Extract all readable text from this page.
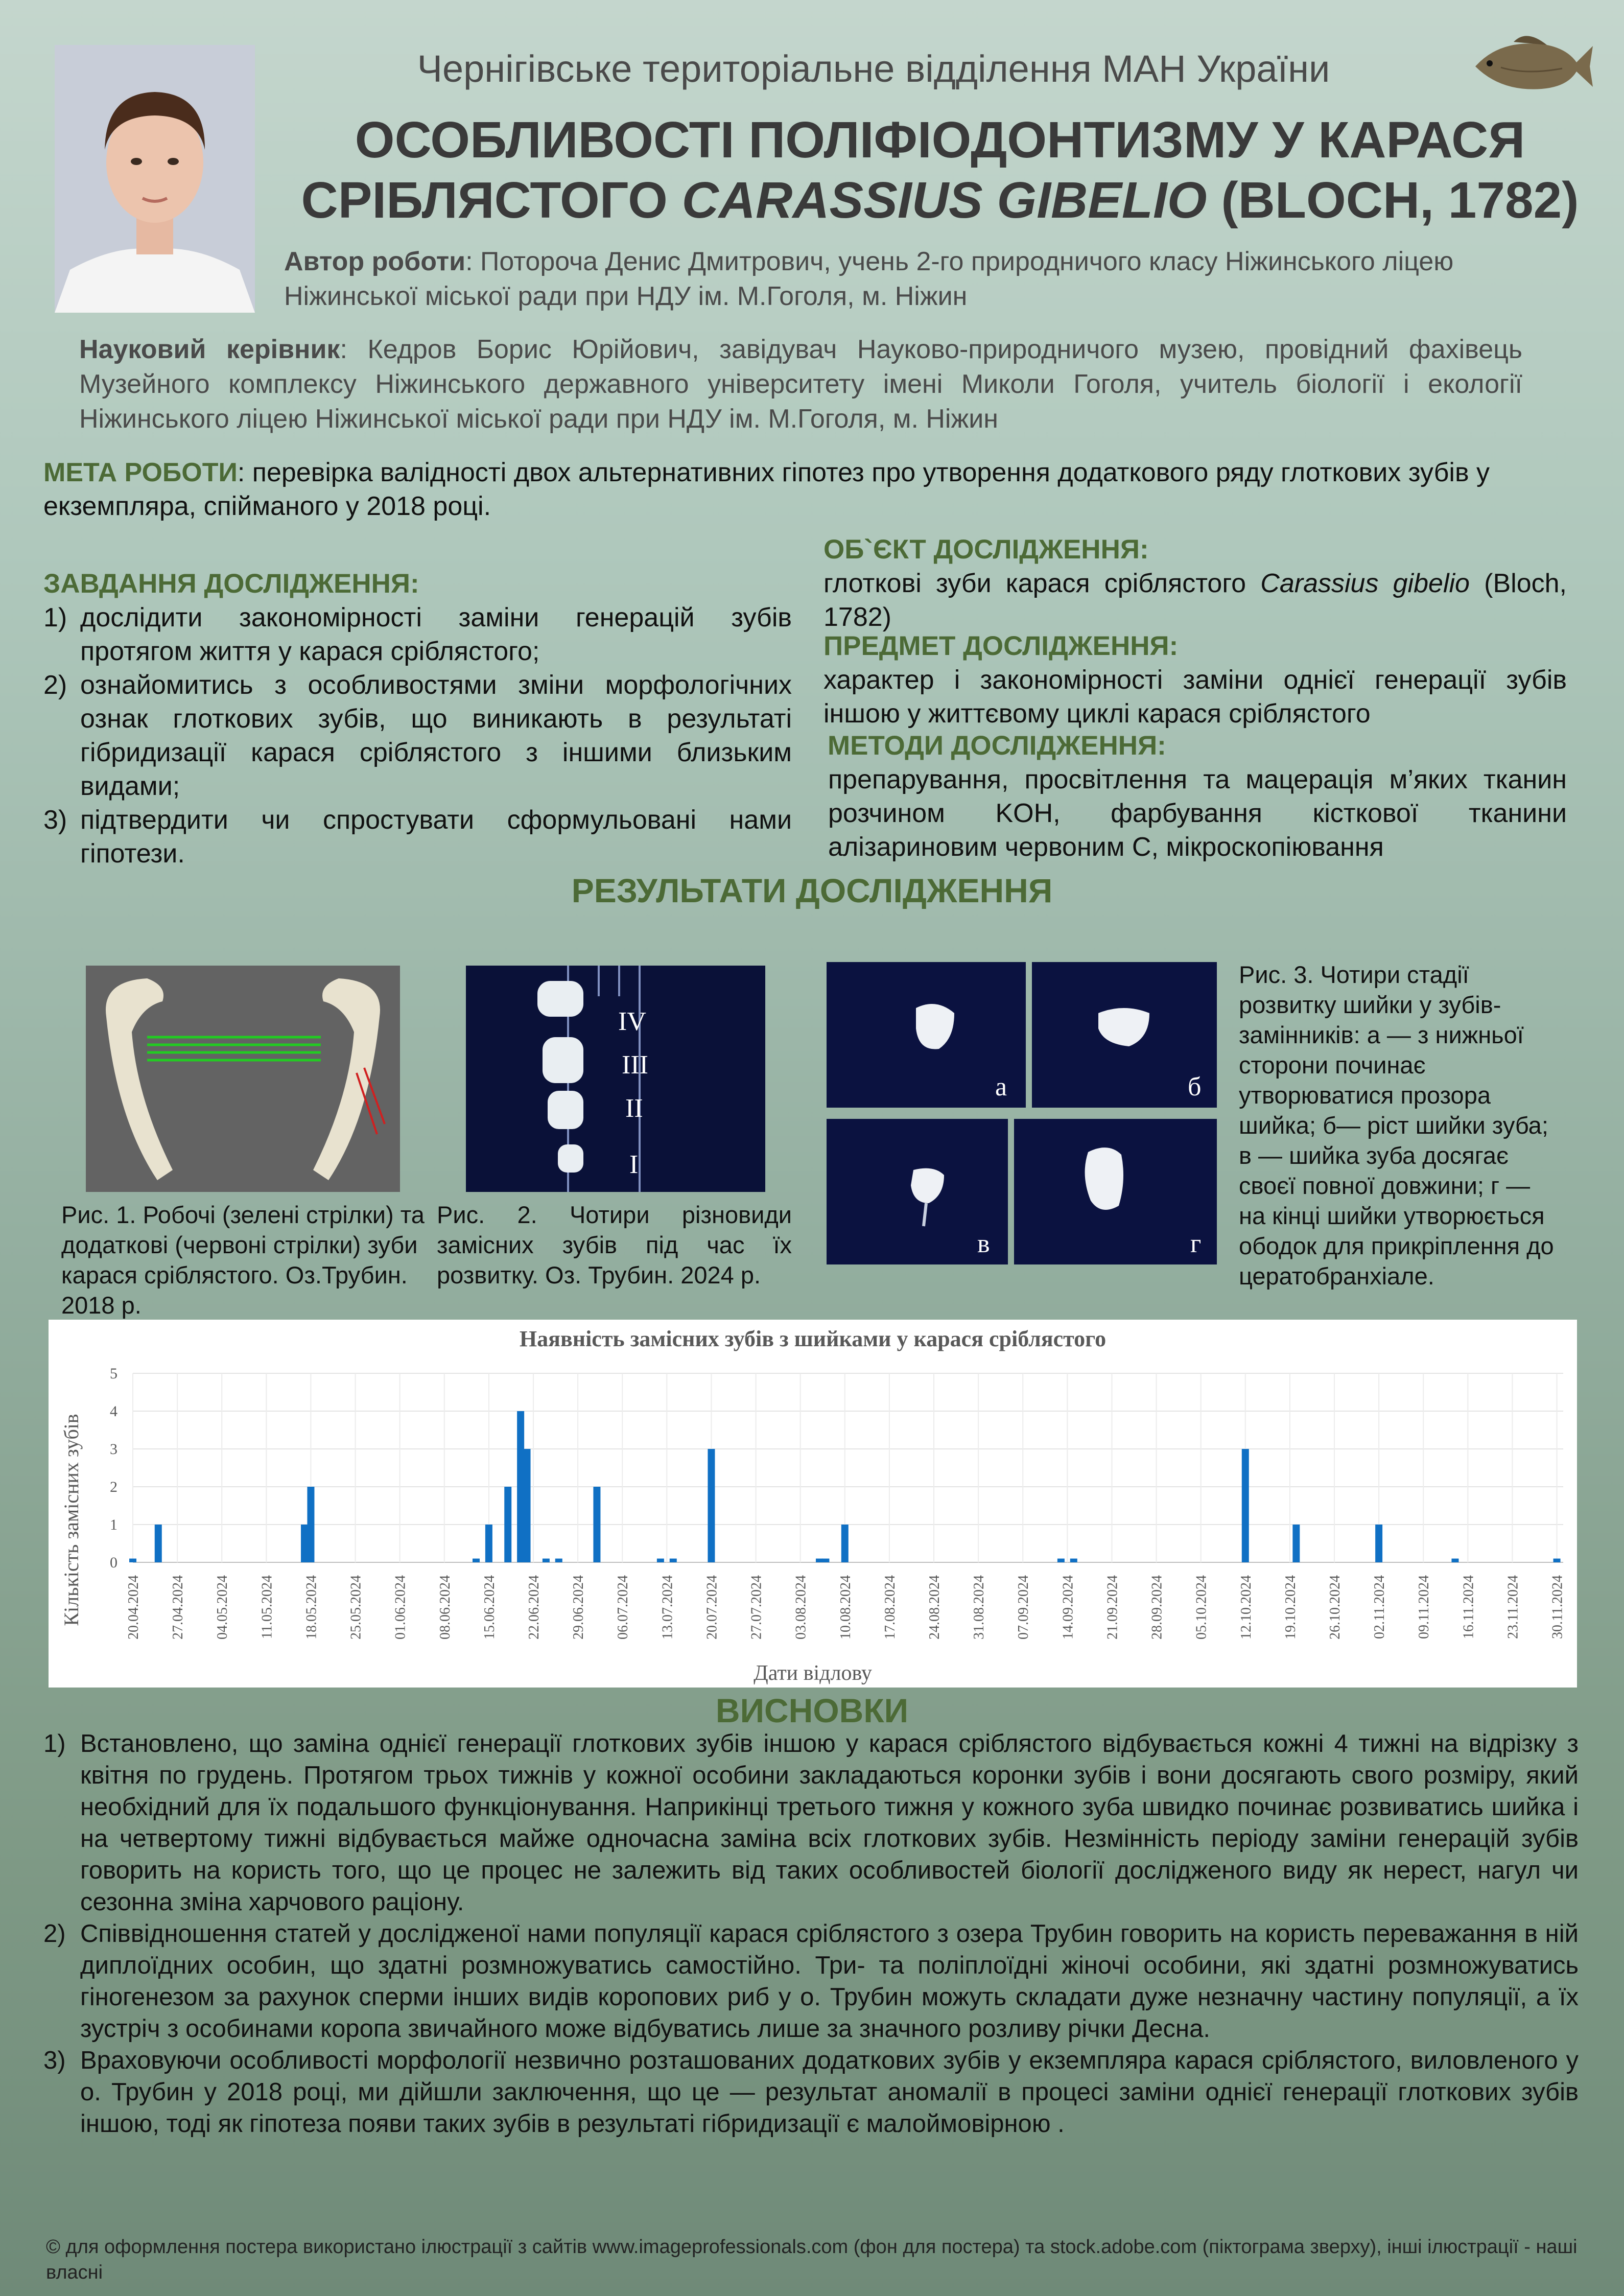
Чернігівське територіальне відділення МАН України
ОСОБЛИВОСТІ ПОЛІФІОДОНТИЗМУ У КАРАСЯ
СРІБЛЯСТОГО CARASSIUS GIBELIO (BLOCH, 1782)
Автор роботи: Потороча Денис Дмитрович, учень 2-го природничого класу Ніжинського ліцею Ніжинської міської ради при НДУ ім. М.Гоголя, м. Ніжин
Науковий керівник: Кедров Борис Юрійович, завідувач Науково-природничого музею, провідний фахівець Музейного комплексу Ніжинського державного університету імені Миколи Гоголя, учитель біології і екології Ніжинського ліцею Ніжинської міської ради при НДУ ім. М.Гоголя, м. Ніжин
МЕТА РОБОТИ: перевірка валідності двох альтернативних гіпотез про утворення додаткового ряду глоткових зубів у екземпляра, спійманого у 2018 році.
ЗАВДАННЯ ДОСЛІДЖЕННЯ:
1) дослідити закономірності заміни генерацій зубів протягом життя у карася сріблястого;
2) ознайомитись з особливостями зміни морфологічних ознак глоткових зубів, що виникають в результаті гібридизації карася сріблястого з іншими близьким видами;
3) підтвердити чи спростувати сформульовані нами гіпотези.
ОБ`ЄКТ ДОСЛІДЖЕННЯ:
глоткові зуби карася сріблястого Carassius gibelio (Bloch, 1782)
ПРЕДМЕТ ДОСЛІДЖЕННЯ:
характер і закономірності заміни однієї генерації зубів іншою у життєвому циклі карася сріблястого
МЕТОДИ ДОСЛІДЖЕННЯ:
препарування, просвітлення та мацерація м’яких тканин розчином KOH, фарбування кісткової тканини алізариновим червоним С, мікроскопіювання
РЕЗУЛЬТАТИ ДОСЛІДЖЕННЯ
Рис. 1. Робочі (зелені стрілки) та додаткові (червоні стрілки) зуби карася сріблястого. Оз.Трубин. 2018 р.
IV
III
II
I
Рис. 2. Чотири різновиди замісних зубів під час їх розвитку. Оз. Трубин. 2024 р.
а	б
в	г
Рис. 3. Чотири стадії розвитку шийки у зубів-замінників: а — з нижньої сторони починає утворюватися прозора шийка; б— ріст шийки зуба; в — шийка зуба досягає своєї повної довжини; г — на кінці шийки утворюється ободок для прикріплення до цератобранхіале.
Наявність замісних зубів з шийками у карася сріблястого
Кількість замісних зубів
Дати відлову
0
1
2
3
4
5
20.04.2024 27.04.2024 04.05.2024 11.05.2024 18.05.2024 25.05.2024 01.06.2024 08.06.2024 15.06.2024 22.06.2024 29.06.2024 06.07.2024 13.07.2024 20.07.2024 27.07.2024 03.08.2024 10.08.2024 17.08.2024 24.08.2024 31.08.2024 07.09.2024 14.09.2024 21.09.2024 28.09.2024 05.10.2024 12.10.2024 19.10.2024 26.10.2024 02.11.2024 09.11.2024 16.11.2024 23.11.2024 30.11.2024
ВИСНОВКИ
1) Встановлено, що заміна однієї генерації глоткових зубів іншою у карася сріблястого відбувається кожні 4 тижні на відрізку з квітня по грудень. Протягом трьох тижнів у кожної особини закладаються коронки зубів і вони досягають свого розміру, який необхідний для їх подальшого функціонування. Наприкінці третього тижня у кожного зуба швидко починає розвиватись шийка і на четвертому тижні відбувається майже одночасна заміна всіх глоткових зубів. Незмінність періоду заміни генерацій зубів говорить на користь того, що це процес не залежить від таких особливостей біології дослідженого виду як нерест, нагул чи сезонна зміна харчового раціону.
2) Співвідношення статей у дослідженої нами популяції карася сріблястого з озера Трубин говорить на користь переважання в ній диплоїдних особин, що здатні розмножуватись самостійно. Три- та поліплоїдні жіночі особини, які здатні розмножуватись гіногенезом за рахунок сперми інших видів коропових риб у о. Трубин можуть складати дуже незначну частину популяції, а їх зустріч з особинами коропа звичайного може відбуватись лише за значного розливу річки Десна.
3) Враховуючи особливості морфології незвично розташованих додаткових зубів у екземпляра карася сріблястого, виловленого у о. Трубин у 2018 році, ми дійшли заключення, що це — результат аномалії в процесі заміни однієї генерації глоткових зубів іншою, тоді як гіпотеза появи таких зубів в результаті гібридизації є малоймовірною .
© для оформлення постера використано ілюстрації з сайтів www.imageprofessionals.com (фон для постера) та stock.adobe.com (піктограма зверху), інші ілюстрації - наші власні
